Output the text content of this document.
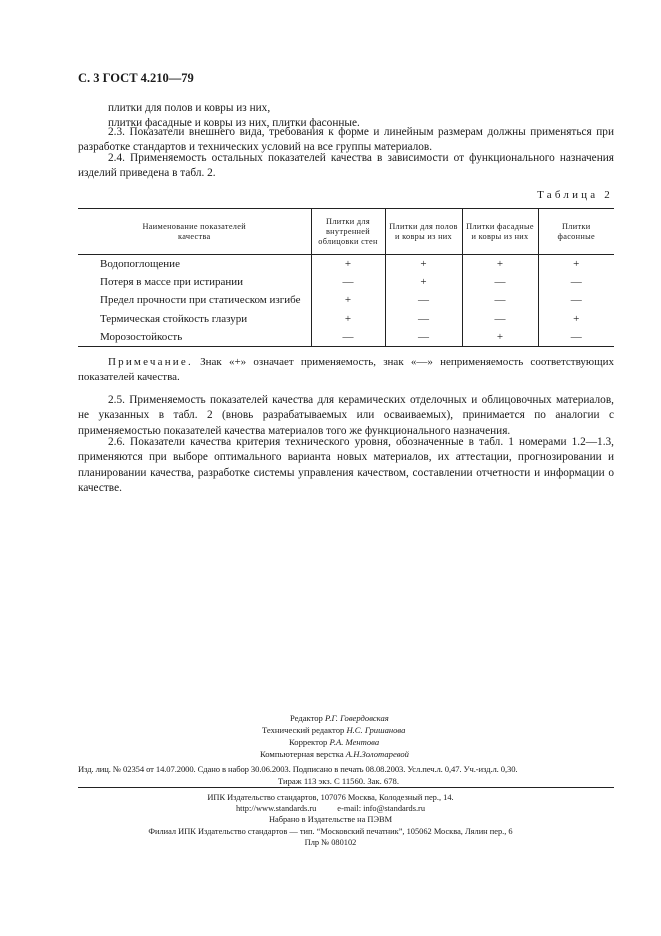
С. 3 ГОСТ 4.210—79
плитки для полов и ковры из них,
плитки фасадные и ковры из них, плитки фасонные.
2.3. Показатели внешнего вида, требования к форме и линейным размерам должны применяться при разработке стандартов и технических условий на все группы материалов.
2.4. Применяемость остальных показателей качества в зависимости от функционального назначения изделий приведена в табл. 2.
Таблица 2
Наименование показателей качества	Плитки для внутренней облицовки стен	Плитки для полов и ковры из них	Плитки фасадные и ковры из них	Плитки фасонные
Водопоглощение	+	+	+	+
Потеря в массе при истирании	—	+	—	—
Предел прочности при статическом изгибе	+	—	—	—
Термическая стойкость глазури	+	—	—	+
Морозостойкость	—	—	+	—
Примечание. Знак «+» означает применяемость, знак «—» неприменяемость соответствующих показателей качества.
2.5. Применяемость показателей качества для керамических отделочных и облицовочных материалов, не указанных в табл. 2 (вновь разрабатываемых или осваиваемых), принимается по аналогии с применяемостью показателей качества материалов того же функционального назначения.
2.6. Показатели качества критерия технического уровня, обозначенные в табл. 1 номерами 1.2—1.3, применяются при выборе оптимального варианта новых материалов, их аттестации, прогнозировании и планировании качества, разработке системы управления качеством, составлении отчетности и информации о качестве.
Редактор Р.Г. Говердовская
Технический редактор Н.С. Гришанова
Корректор Р.А. Ментова
Компьютерная верстка А.Н.Золотаревой
Изд. лиц. № 02354 от 14.07.2000. Сдано в набор 30.06.2003. Подписано в печать 08.08.2003. Усл.печ.л. 0,47. Уч.-изд.л. 0,30.
Тираж 113 экз. С 11560. Зак. 678.
ИПК Издательство стандартов, 107076 Москва, Колодезный пер., 14.
http://www.standards.ru          e-mail: info@standards.ru
Набрано в Издательстве на ПЭВМ
Филиал ИПК Издательство стандартов — тип. “Московский печатник”, 105062 Москва, Лялин пер., 6
Плр № 080102
